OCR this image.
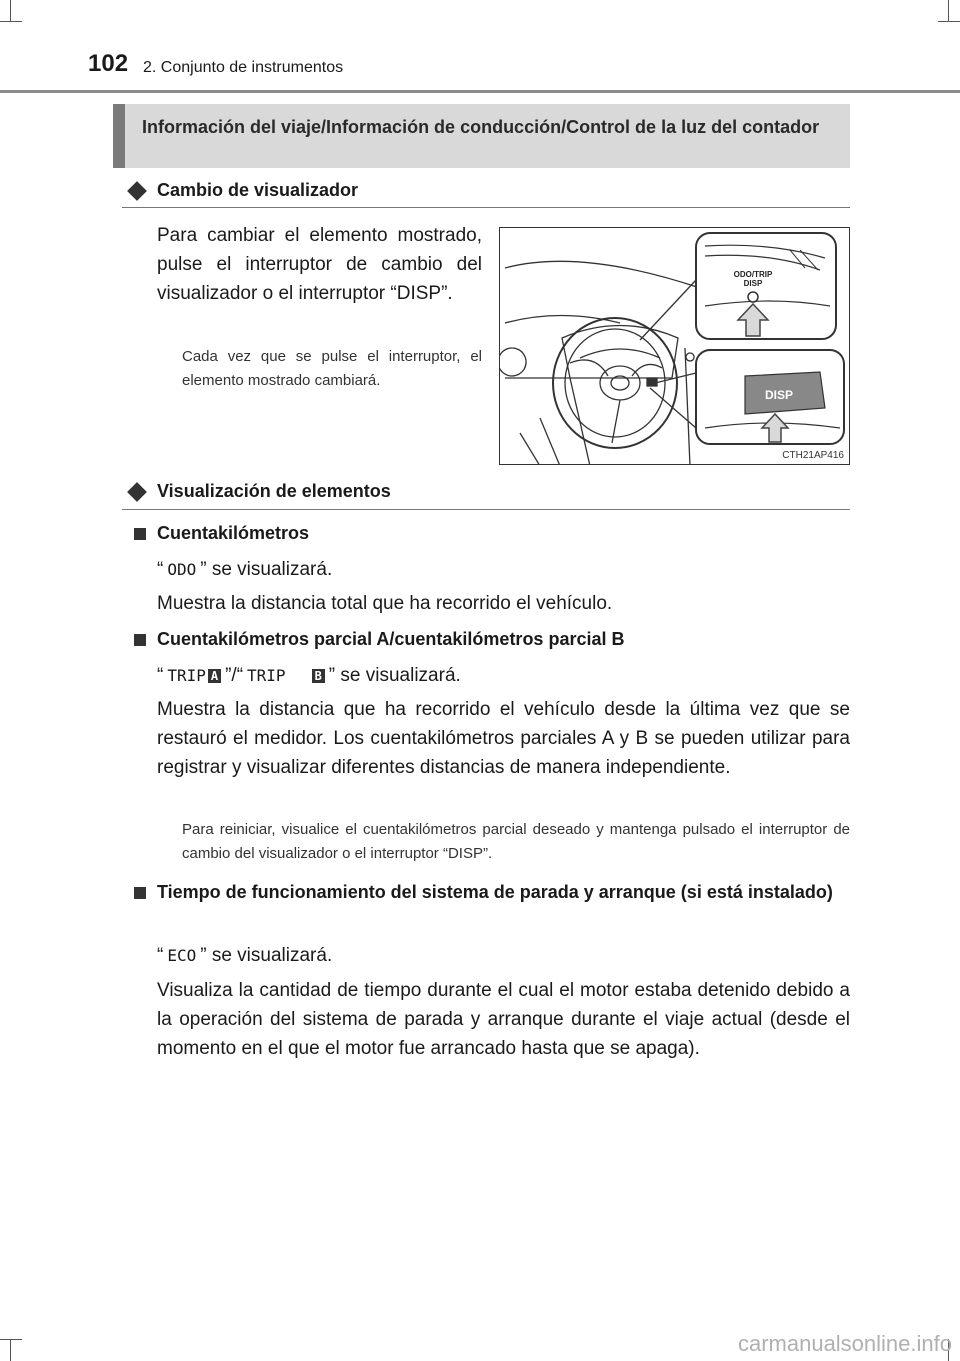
102 2. Conjunto de instrumentos
Información del viaje/Información de conducción/Control de la luz del contador
Cambio de visualizador
Para cambiar el elemento mostrado, pulse el interruptor de cambio del visualizador o el interruptor “DISP”.
Cada vez que se pulse el interruptor, el elemento mostrado cambiará.
ODO/TRIP
DISP
DISP
CTH21AP416
Visualización de elementos
Cuentakilómetros
“ ODO ” se visualizará.
Muestra la distancia total que ha recorrido el vehículo.
Cuentakilómetros parcial A/cuentakilómetros parcial B
“ TRIP A ”/“ TRIP B ” se visualizará.
Muestra la distancia que ha recorrido el vehículo desde la última vez que se restauró el medidor. Los cuentakilómetros parciales A y B se pueden utilizar para registrar y visualizar diferentes distancias de manera independiente.
Para reiniciar, visualice el cuentakilómetros parcial deseado y mantenga pulsado el interruptor de cambio del visualizador o el interruptor “DISP”.
Tiempo de funcionamiento del sistema de parada y arranque (si está instalado)
“ ECO ” se visualizará.
Visualiza la cantidad de tiempo durante el cual el motor estaba detenido debido a la operación del sistema de parada y arranque durante el viaje actual (desde el momento en el que el motor fue arrancado hasta que se apaga).
carmanualsonline.info
